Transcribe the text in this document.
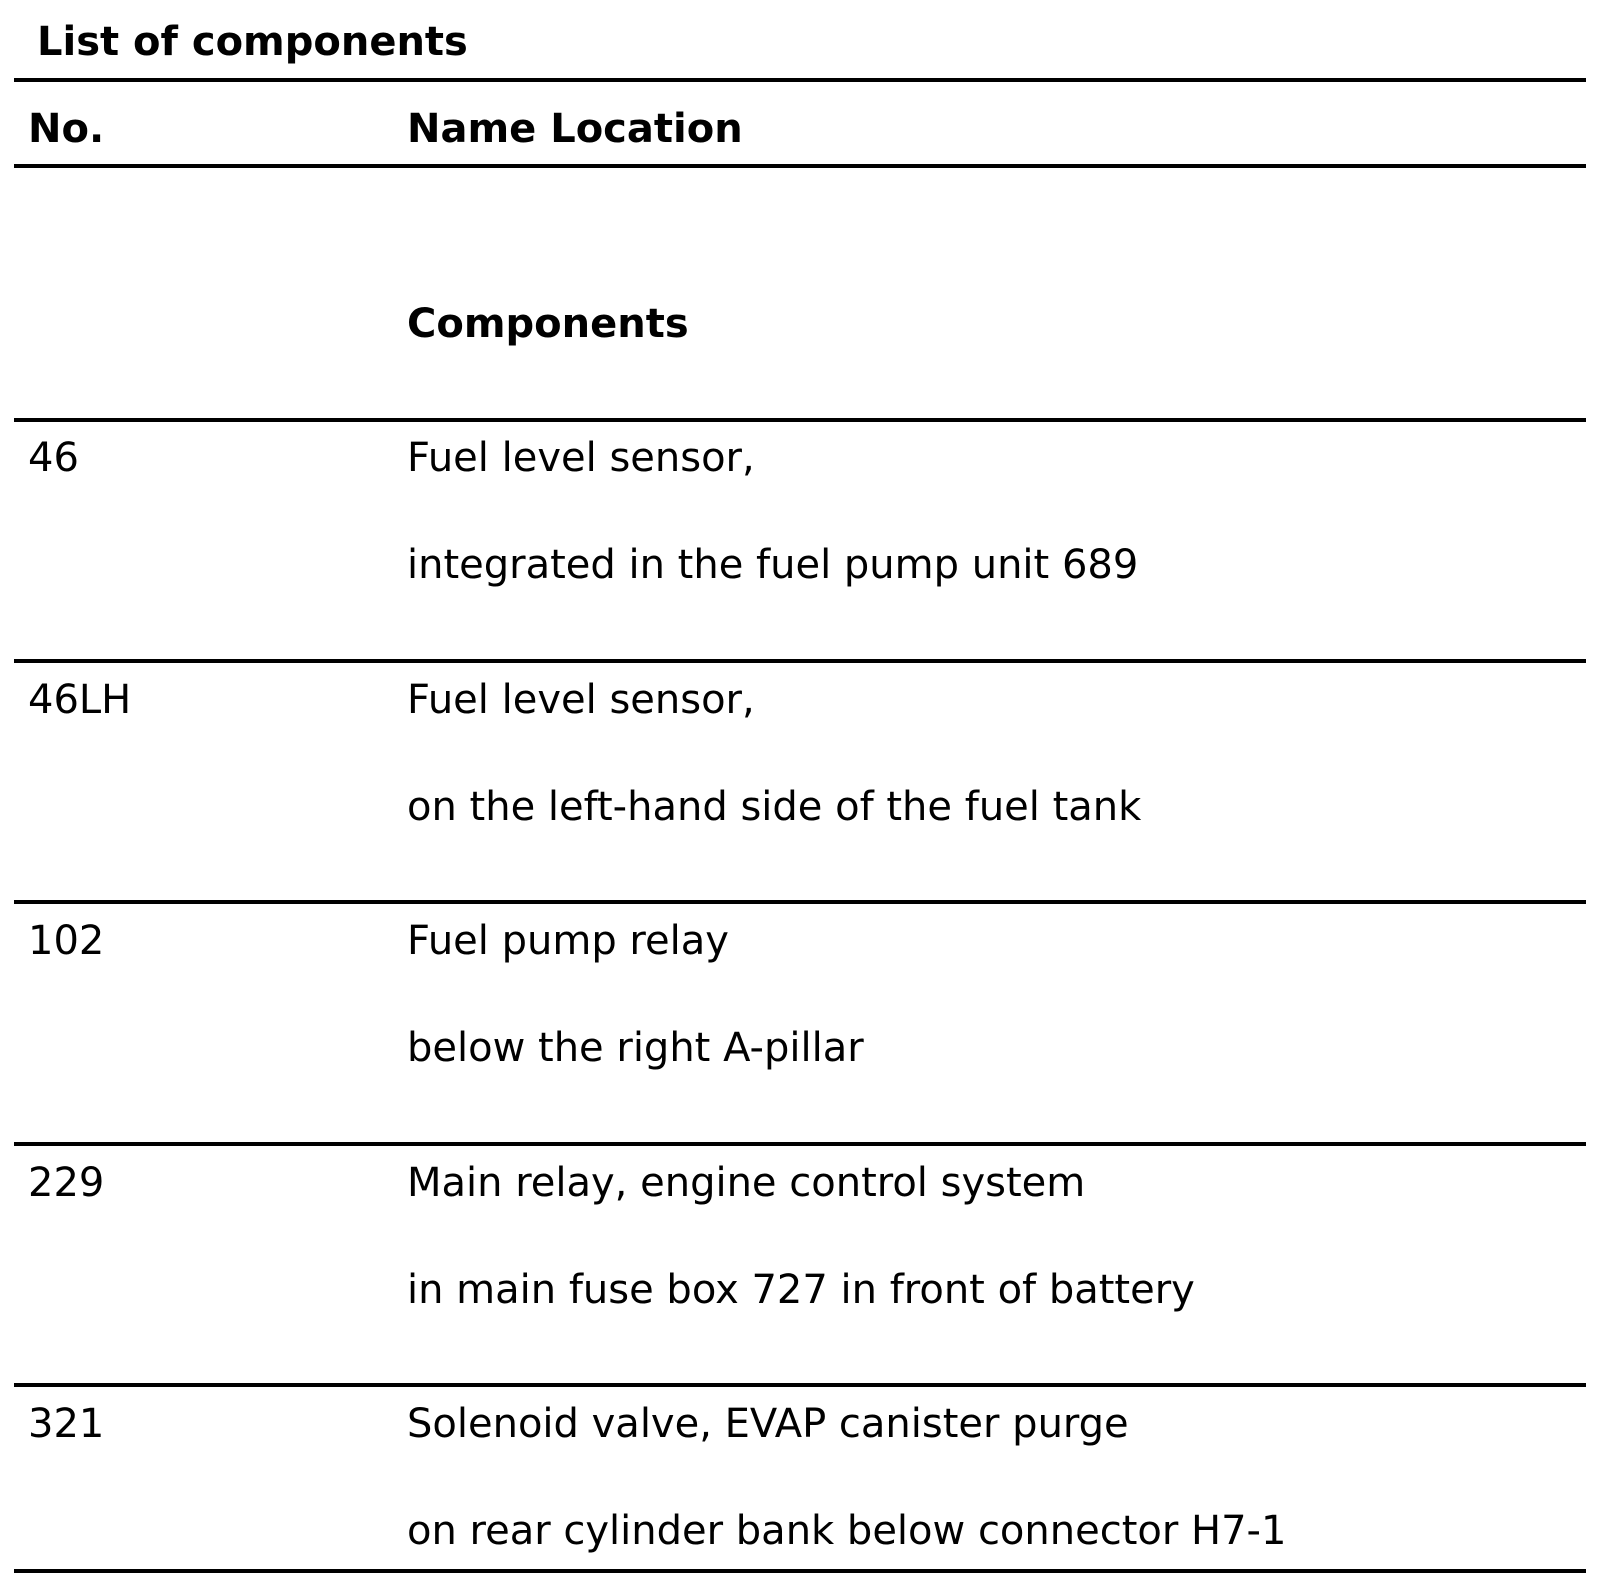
List of components
No.	Name Location
Components
46	Fuel level sensor,
integrated in the fuel pump unit 689
46LH	Fuel level sensor,
on the left-hand side of the fuel tank
102	Fuel pump relay
below the right A-pillar
229	Main relay, engine control system
in main fuse box 727 in front of battery
321	Solenoid valve, EVAP canister purge
on rear cylinder bank below connector H7-1
